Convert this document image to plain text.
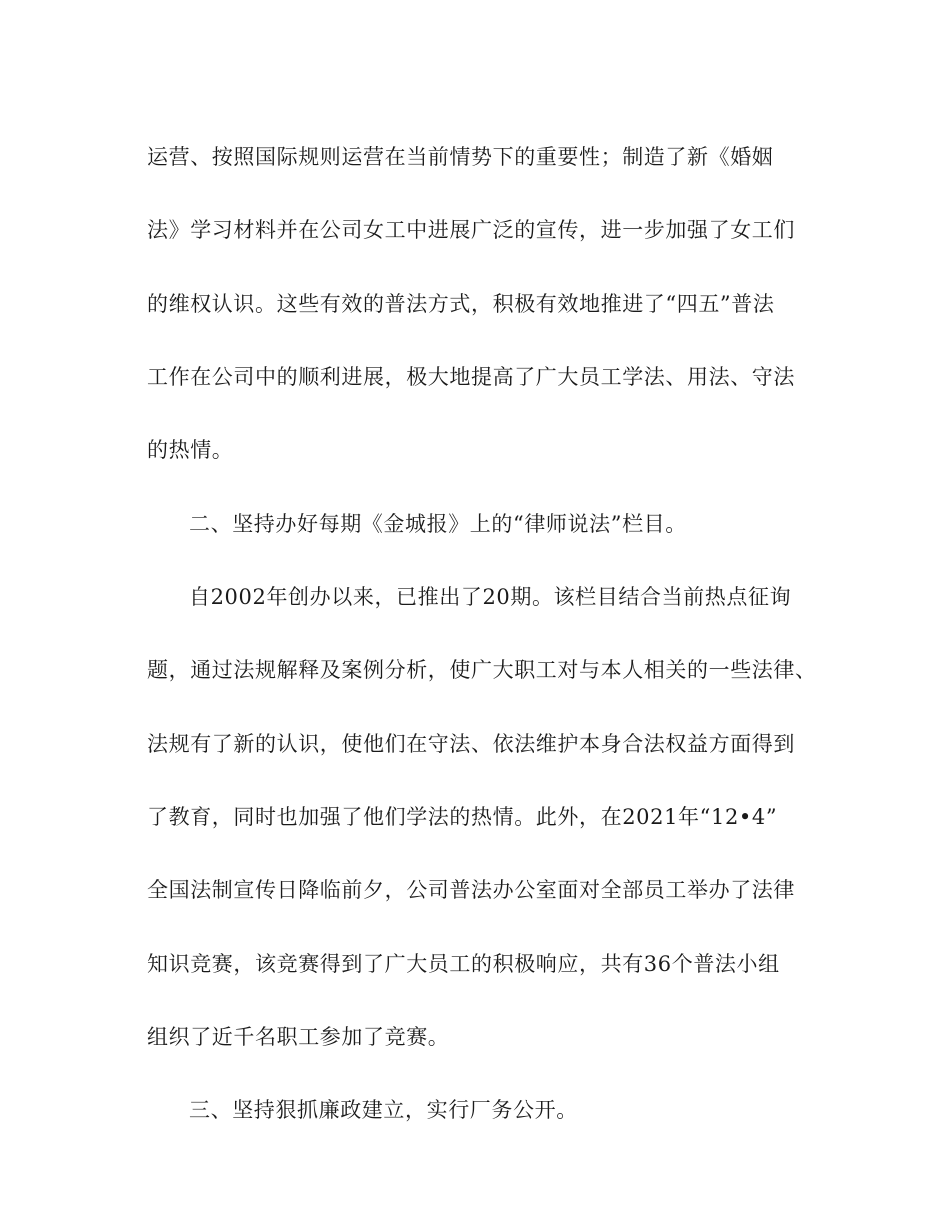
运营、按照国际规则运营在当前情势下的重要性；制造了新《婚姻
法》学习材料并在公司女工中进展广泛的宣传，进一步加强了女工们
的维权认识。这些有效的普法方式，积极有效地推进了“四五”普法
工作在公司中的顺利进展，极大地提高了广大员工学法、用法、守法
的热情。
二、坚持办好每期《金城报》上的“律师说法”栏目。
自2002年创办以来，已推出了20期。该栏目结合当前热点征询
题，通过法规解释及案例分析，使广大职工对与本人相关的一些法律、
法规有了新的认识，使他们在守法、依法维护本身合法权益方面得到
了教育，同时也加强了他们学法的热情。此外，在2021年“12•4”
全国法制宣传日降临前夕，公司普法办公室面对全部员工举办了法律
知识竞赛，该竞赛得到了广大员工的积极响应，共有36个普法小组
组织了近千名职工参加了竞赛。
三、坚持狠抓廉政建立，实行厂务公开。
